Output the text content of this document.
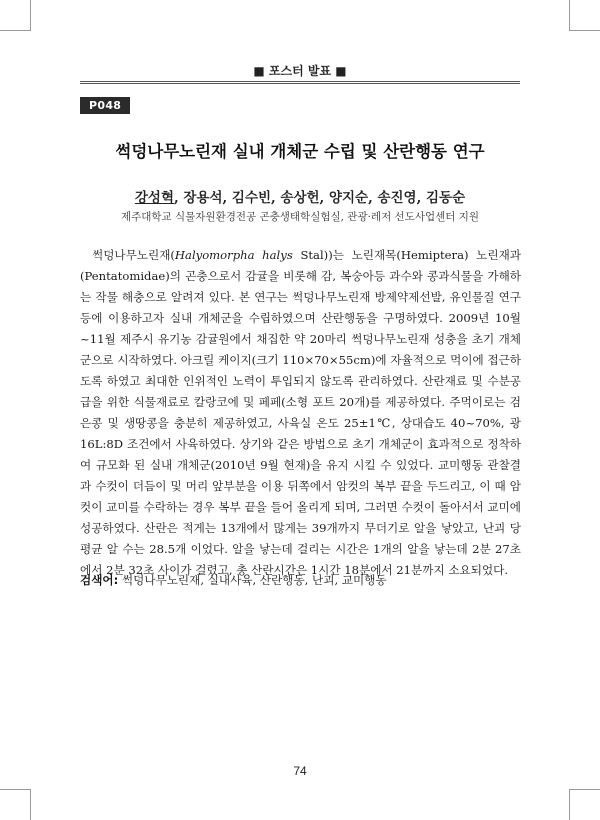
■ 포스터 발표 ■
P048
썩덩나무노린재 실내 개체군 수립 및 산란행동 연구
강성혁, 장용석, 김수빈, 송상헌, 양지순, 송진영, 김동순
제주대학교 식물자원환경전공 곤충생태학실험실, 관광·레저 선도사업센터 지원

썩덩나무노린재(Halyomorpha halys Stal))는 노린재목(Hemiptera) 노린재과(Pentatomidae)의 곤충으로서 감귤을 비롯해 감, 복숭아등 과수와 콩과식물을 가해하는 작물 해충으로 알려져 있다. 본 연구는 썩덩나무노린재 방제약제선발, 유인물질 연구 등에 이용하고자 실내 개체군을 수립하였으며 산란행동을 구명하였다. 2009년 10월~11월 제주시 유기농 감귤원에서 채집한 약 20마리 썩덩나무노린재 성충을 초기 개체군으로 시작하였다. 아크릴 케이지(크기 110×70×55cm)에 자율적으로 먹이에 접근하도록 하였고 최대한 인위적인 노력이 투입되지 않도록 관리하였다. 산란재료 및 수분공급을 위한 식물재료로 칼랑코에 및 페페(소형 포트 20개)를 제공하였다. 주먹이로는 검은콩 및 생땅콩을 충분히 제공하였고, 사육실 온도 25±1℃, 상대습도 40~70%, 광 16L:8D 조건에서 사육하였다. 상기와 같은 방법으로 초기 개체군이 효과적으로 정착하여 규모화 된 실내 개체군(2010년 9월 현재)을 유지 시킬 수 있었다. 교미행동 관찰결과 수컷이 더듬이 및 머리 앞부분을 이용 뒤쪽에서 암컷의 복부 끝을 두드리고, 이 때 암컷이 교미를 수락하는 경우 복부 끝을 들어 올리게 되며, 그러면 수컷이 돌아서서 교미에 성공하였다. 산란은 적게는 13개에서 많게는 39개까지 무더기로 알을 낳았고, 난괴 당 평균 알 수는 28.5개 이었다. 알을 낳는데 걸리는 시간은 1개의 알을 낳는데 2분 27초에서 2분 32초 사이가 걸렸고, 총 산란시간은 1시간 18분에서 21분까지 소요되었다.

검색어: 썩덩나무노린재, 실내사육, 산란행동, 난괴, 교미행동
74
